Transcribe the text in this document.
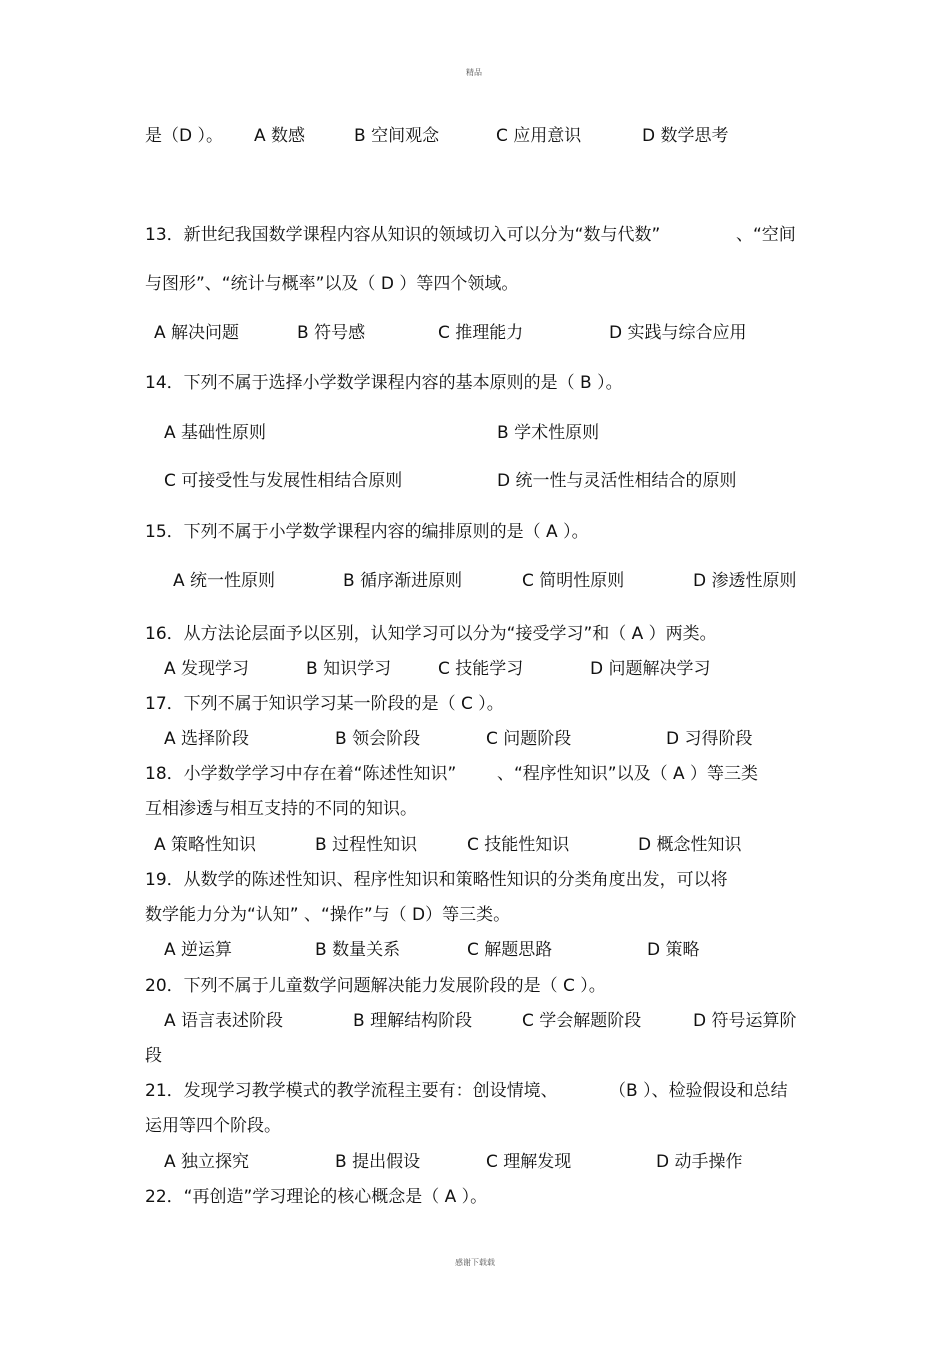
精品
是（D ）。 A 数感	B 空间观念	C 应用意识	D 数学思考
13．新世纪我国数学课程内容从知识的领域切入可以分为“数与代数”	、“空间
与图形”、“统计与概率”以及（ D ）等四个领域。
A 解决问题	B 符号感	C 推理能力	D 实践与综合应用
14．下列不属于选择小学数学课程内容的基本原则的是（ B ）。
A 基础性原则	B 学术性原则
C 可接受性与发展性相结合原则	D 统一性与灵活性相结合的原则
15．下列不属于小学数学课程内容的编排原则的是（ A ）。
A 统一性原则	B 循序渐进原则	C 简明性原则	D 渗透性原则
16．从方法论层面予以区别，认知学习可以分为“接受学习”和（ A ）两类。
A 发现学习	B 知识学习	C 技能学习	D 问题解决学习
17．下列不属于知识学习某一阶段的是（ C ）。
A 选择阶段	B 领会阶段	C 问题阶段	D 习得阶段
18．小学数学学习中存在着“陈述性知识” 、“程序性知识”以及（ A ）等三类
互相渗透与相互支持的不同的知识。
A 策略性知识	B 过程性知识	C 技能性知识	D 概念性知识
19．从数学的陈述性知识、程序性知识和策略性知识的分类角度出发，可以将
数学能力分为“认知” 、“操作”与（ D）等三类。
A 逆运算	B 数量关系	C 解题思路	D 策略
20．下列不属于儿童数学问题解决能力发展阶段的是（ C ）。
A 语言表述阶段	B 理解结构阶段	C 学会解题阶段	D 符号运算阶
段
21．发现学习教学模式的教学流程主要有：创设情境、	（B ）、检验假设和总结
运用等四个阶段。
A 独立探究	B 提出假设	C 理解发现	D 动手操作
22．“再创造”学习理论的核心概念是（ A ）。
感谢下载载
